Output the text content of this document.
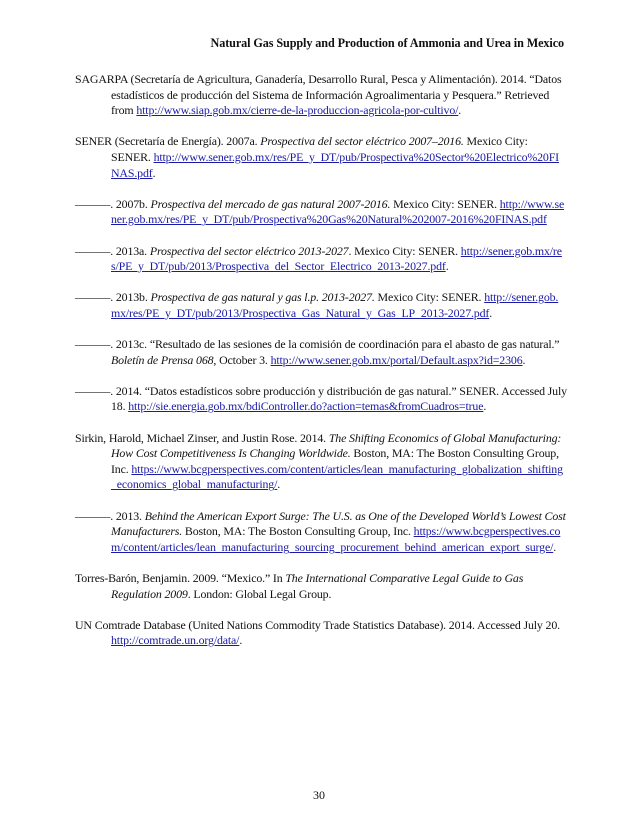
Natural Gas Supply and Production of Ammonia and Urea in Mexico

SAGARPA (Secretaría de Agricultura, Ganadería, Desarrollo Rural, Pesca y Alimentación). 2014. “Datos estadísticos de producción del Sistema de Información Agroalimentaria y Pesquera.” Retrieved from http://www.siap.gob.mx/cierre-de-la-produccion-agricola-por-cultivo/.

SENER (Secretaría de Energía). 2007a. Prospectiva del sector eléctrico 2007–2016. Mexico City: SENER. http://www.sener.gob.mx/res/PE_y_DT/pub/Prospectiva%20Sector%20Electrico%20FINAS.pdf.

———. 2007b. Prospectiva del mercado de gas natural 2007-2016. Mexico City: SENER. http://www.sener.gob.mx/res/PE_y_DT/pub/Prospectiva%20Gas%20Natural%202007-2016%20FINAS.pdf

———. 2013a. Prospectiva del sector eléctrico 2013-2027. Mexico City: SENER. http://sener.gob.mx/res/PE_y_DT/pub/2013/Prospectiva_del_Sector_Electrico_2013-2027.pdf.

———. 2013b. Prospectiva de gas natural y gas l.p. 2013-2027. Mexico City: SENER. http://sener.gob.mx/res/PE_y_DT/pub/2013/Prospectiva_Gas_Natural_y_Gas_LP_2013-2027.pdf.

———. 2013c. “Resultado de las sesiones de la comisión de coordinación para el abasto de gas natural.” Boletín de Prensa 068, October 3. http://www.sener.gob.mx/portal/Default.aspx?id=2306.

———. 2014. “Datos estadísticos sobre producción y distribución de gas natural.” SENER. Accessed July 18. http://sie.energia.gob.mx/bdiController.do?action=temas&fromCuadros=true.

Sirkin, Harold, Michael Zinser, and Justin Rose. 2014. The Shifting Economics of Global Manufacturing: How Cost Competitiveness Is Changing Worldwide. Boston, MA: The Boston Consulting Group, Inc. https://www.bcgperspectives.com/content/articles/lean_manufacturing_globalization_shifting_economics_global_manufacturing/.

———. 2013. Behind the American Export Surge: The U.S. as One of the Developed World’s Lowest Cost Manufacturers. Boston, MA: The Boston Consulting Group, Inc. https://www.bcgperspectives.com/content/articles/lean_manufacturing_sourcing_procurement_behind_american_export_surge/.

Torres-Barón, Benjamin. 2009. “Mexico.” In The International Comparative Legal Guide to Gas Regulation 2009. London: Global Legal Group.

UN Comtrade Database (United Nations Commodity Trade Statistics Database). 2014. Accessed July 20. http://comtrade.un.org/data/.

30
